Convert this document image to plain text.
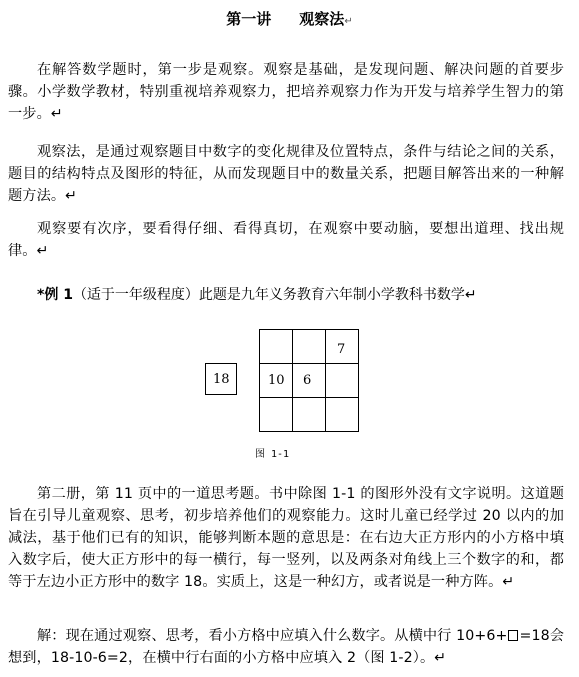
第一讲 观察法↵
在解答数学题时，第一步是观察。观察是基础，是发现问题、解决问题的首要步骤。小学数学教材，特别重视培养观察力，把培养观察力作为开发与培养学生智力的第一步。↵
观察法，是通过观察题目中数字的变化规律及位置特点，条件与结论之间的关系，题目的结构特点及图形的特征，从而发现题目中的数量关系，把题目解答出来的一种解题方法。↵
观察要有次序，要看得仔细、看得真切，在观察中要动脑，要想出道理、找出规律。↵
*例 1（适于一年级程度）此题是九年义务教育六年制小学教科书数学↵
18
7
10 6
图 1-1
第二册，第 11 页中的一道思考题。书中除图 1-1 的图形外没有文字说明。这道题旨在引导儿童观察、思考，初步培养他们的观察能力。这时儿童已经学过 20 以内的加减法，基于他们已有的知识，能够判断本题的意思是：在右边大正方形内的小方格中填入数字后，使大正方形中的每一横行，每一竖列，以及两条对角线上三个数字的和，都等于左边小正方形中的数字 18。实质上，这是一种幻方，或者说是一种方阵。↵
解：现在通过观察、思考，看小方格中应填入什么数字。从横中行 10+6+ =18会想到，18-10-6=2，在横中行右面的小方格中应填入 2（图 1-2）。↵
